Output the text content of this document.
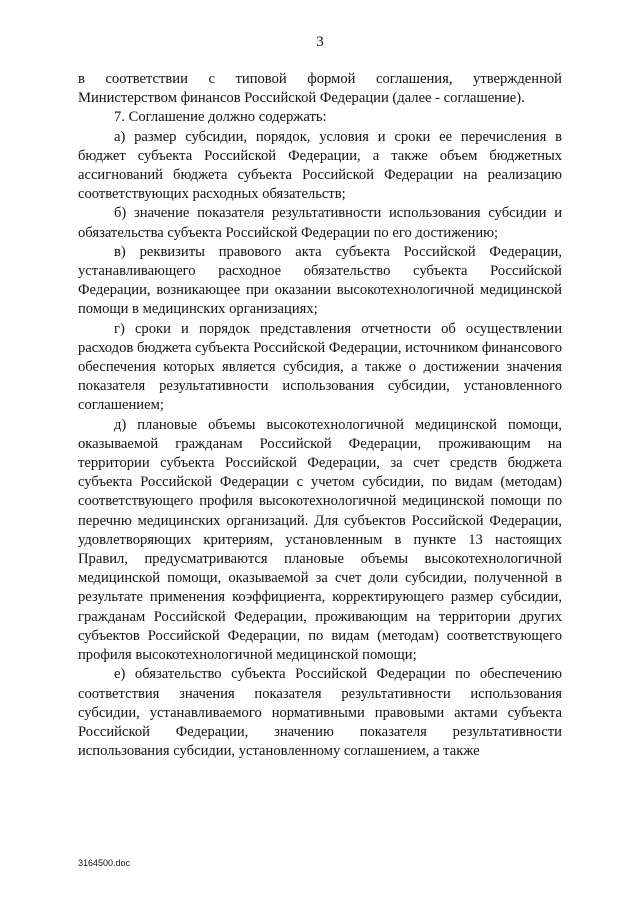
3

в соответствии с типовой формой соглашения, утвержденной Министерством финансов Российской Федерации (далее - соглашение).

7. Соглашение должно содержать:

а) размер субсидии, порядок, условия и сроки ее перечисления в бюджет субъекта Российской Федерации, а также объем бюджетных ассигнований бюджета субъекта Российской Федерации на реализацию соответствующих расходных обязательств;

б) значение показателя результативности использования субсидии и обязательства субъекта Российской Федерации по его достижению;

в) реквизиты правового акта субъекта Российской Федерации, устанавливающего расходное обязательство субъекта Российской Федерации, возникающее при оказании высокотехнологичной медицинской помощи в медицинских организациях;

г) сроки и порядок представления отчетности об осуществлении расходов бюджета субъекта Российской Федерации, источником финансового обеспечения которых является субсидия, а также о достижении значения показателя результативности использования субсидии, установленного соглашением;

д) плановые объемы высокотехнологичной медицинской помощи, оказываемой гражданам Российской Федерации, проживающим на территории субъекта Российской Федерации, за счет средств бюджета субъекта Российской Федерации с учетом субсидии, по видам (методам) соответствующего профиля высокотехнологичной медицинской помощи по перечню медицинских организаций. Для субъектов Российской Федерации, удовлетворяющих критериям, установленным в пункте 13 настоящих Правил, предусматриваются плановые объемы высокотехнологичной медицинской помощи, оказываемой за счет доли субсидии, полученной в результате применения коэффициента, корректирующего размер субсидии, гражданам Российской Федерации, проживающим на территории других субъектов Российской Федерации, по видам (методам) соответствующего профиля высокотехнологичной медицинской помощи;

е) обязательство субъекта Российской Федерации по обеспечению соответствия значения показателя результативности использования субсидии, устанавливаемого нормативными правовыми актами субъекта Российской Федерации, значению показателя результативности использования субсидии, установленному соглашением, а также

3164500.doc
